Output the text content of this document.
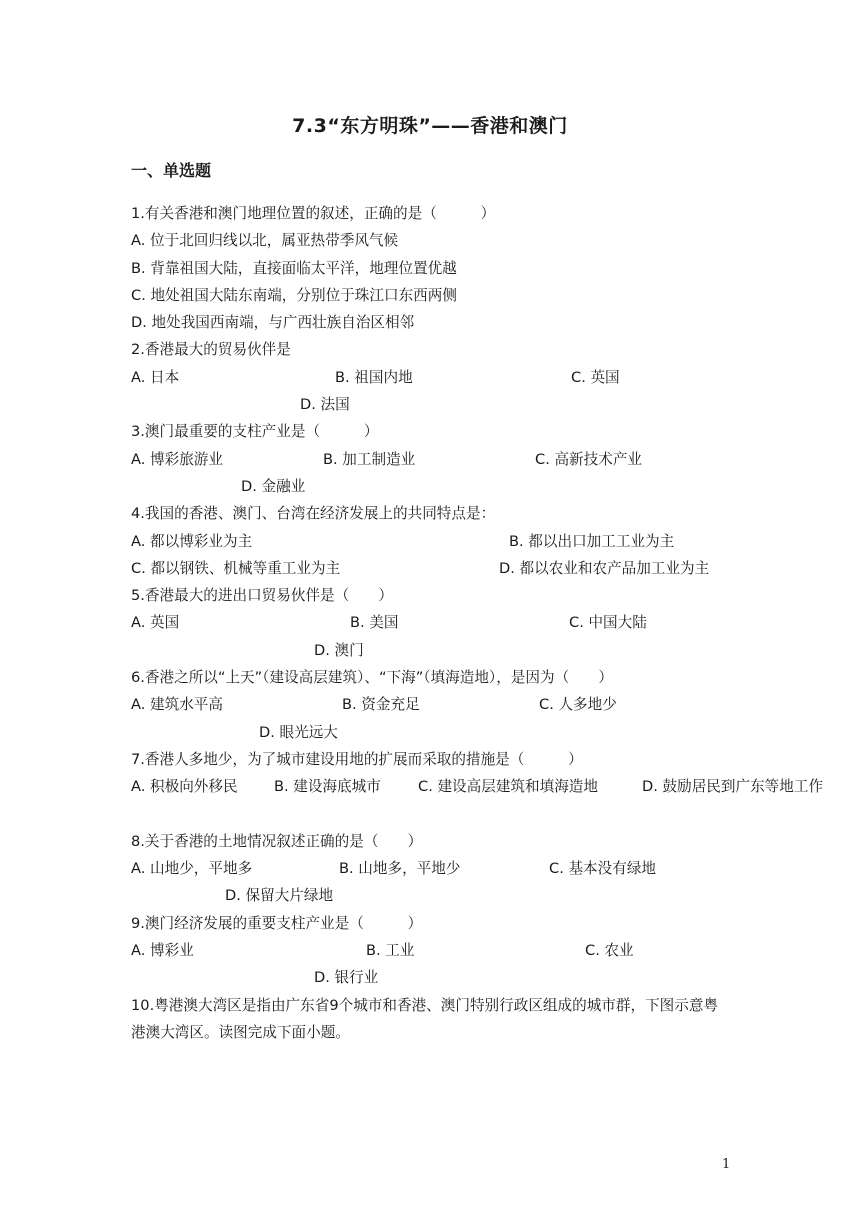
7.3“东方明珠”——香港和澳门
一、单选题
1.有关香港和澳门地理位置的叙述，正确的是（　　　）
A. 位于北回归线以北，属亚热带季风气候
B. 背靠祖国大陆，直接面临太平洋，地理位置优越
C. 地处祖国大陆东南端，分别位于珠江口东西两侧
D. 地处我国西南端，与广西壮族自治区相邻
2.香港最大的贸易伙伴是
A. 日本	B. 祖国内地	C. 英国
D. 法国
3.澳门最重要的支柱产业是（　　　）
A. 博彩旅游业	B. 加工制造业	C. 高新技术产业
D. 金融业
4.我国的香港、澳门、台湾在经济发展上的共同特点是：
A. 都以博彩业为主	B. 都以出口加工工业为主
C. 都以钢铁、机械等重工业为主	D. 都以农业和农产品加工业为主
5.香港最大的进出口贸易伙伴是（　　）
A. 英国	B. 美国	C. 中国大陆
D. 澳门
6.香港之所以“上天”（建设高层建筑）、“下海”（填海造地），是因为（　　）
A. 建筑水平高	B. 资金充足	C. 人多地少
D. 眼光远大
7.香港人多地少，为了城市建设用地的扩展而采取的措施是（　　　）
A. 积极向外移民 B. 建设海底城市	C. 建设高层建筑和填海造地	D. 鼓励居民到广东等地工作
8.关于香港的土地情况叙述正确的是（　　）
A. 山地少，平地多	B. 山地多，平地少	C. 基本没有绿地
D. 保留大片绿地
9.澳门经济发展的重要支柱产业是（　　　）
A. 博彩业	B. 工业	C. 农业
D. 银行业
10.粤港澳大湾区是指由广东省9个城市和香港、澳门特别行政区组成的城市群，下图示意粤港澳大湾区。读图完成下面小题。
1
